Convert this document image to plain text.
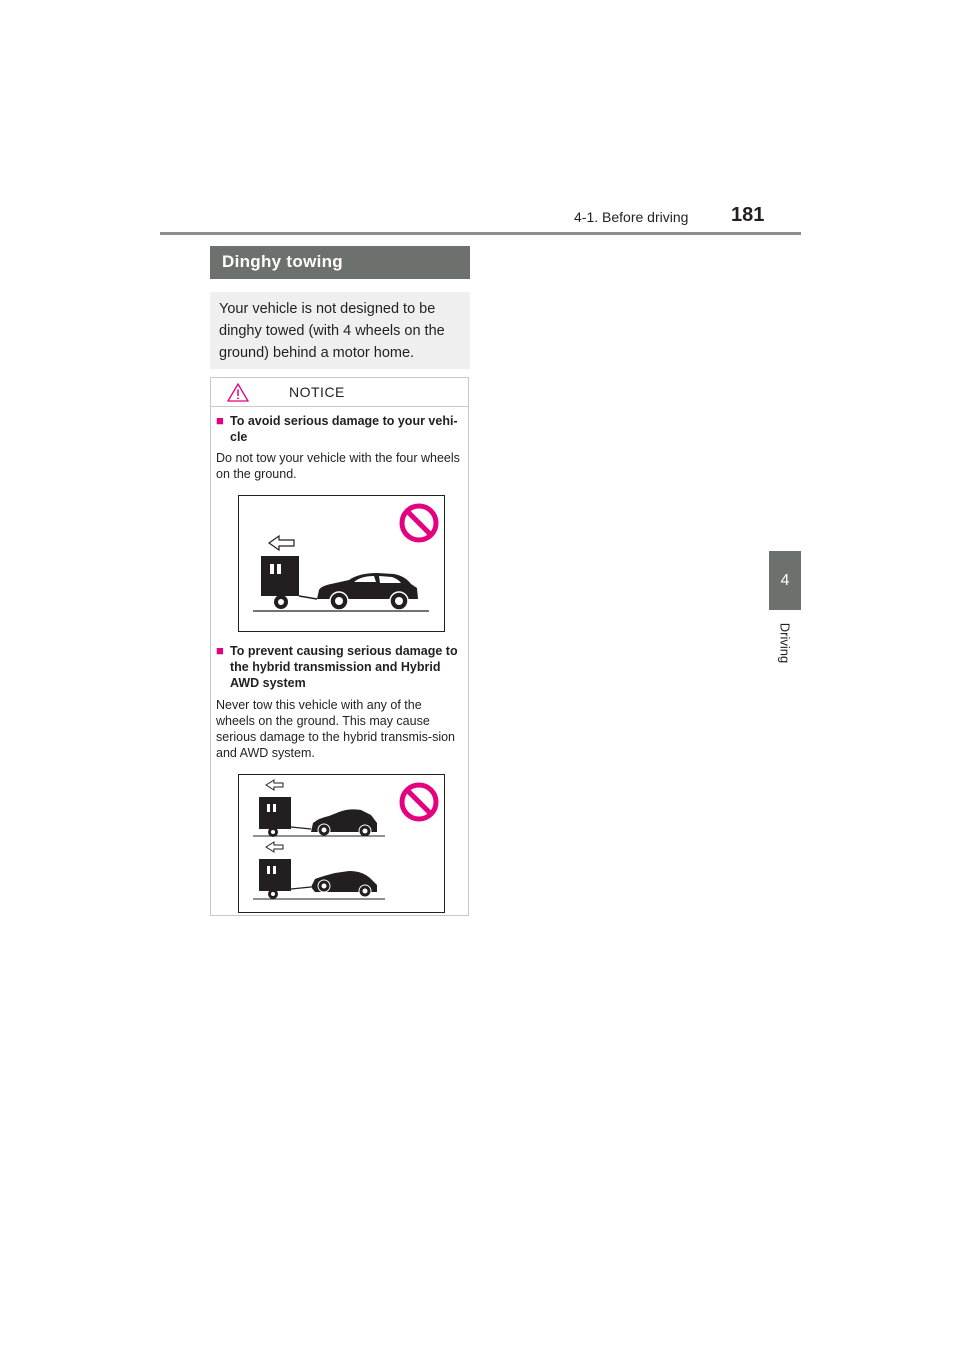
4-1. Before driving 181
4
Driving
Dinghy towing

Your vehicle is not designed to be dinghy towed (with 4 wheels on the ground) behind a motor home.

NOTICE
■ To avoid serious damage to your vehi-cle

Do not tow your vehicle with the four wheels on the ground.

■ To prevent causing serious damage to the hybrid transmission and Hybrid AWD system

Never tow this vehicle with any of the wheels on the ground. This may cause serious damage to the hybrid transmis-sion and AWD system.
